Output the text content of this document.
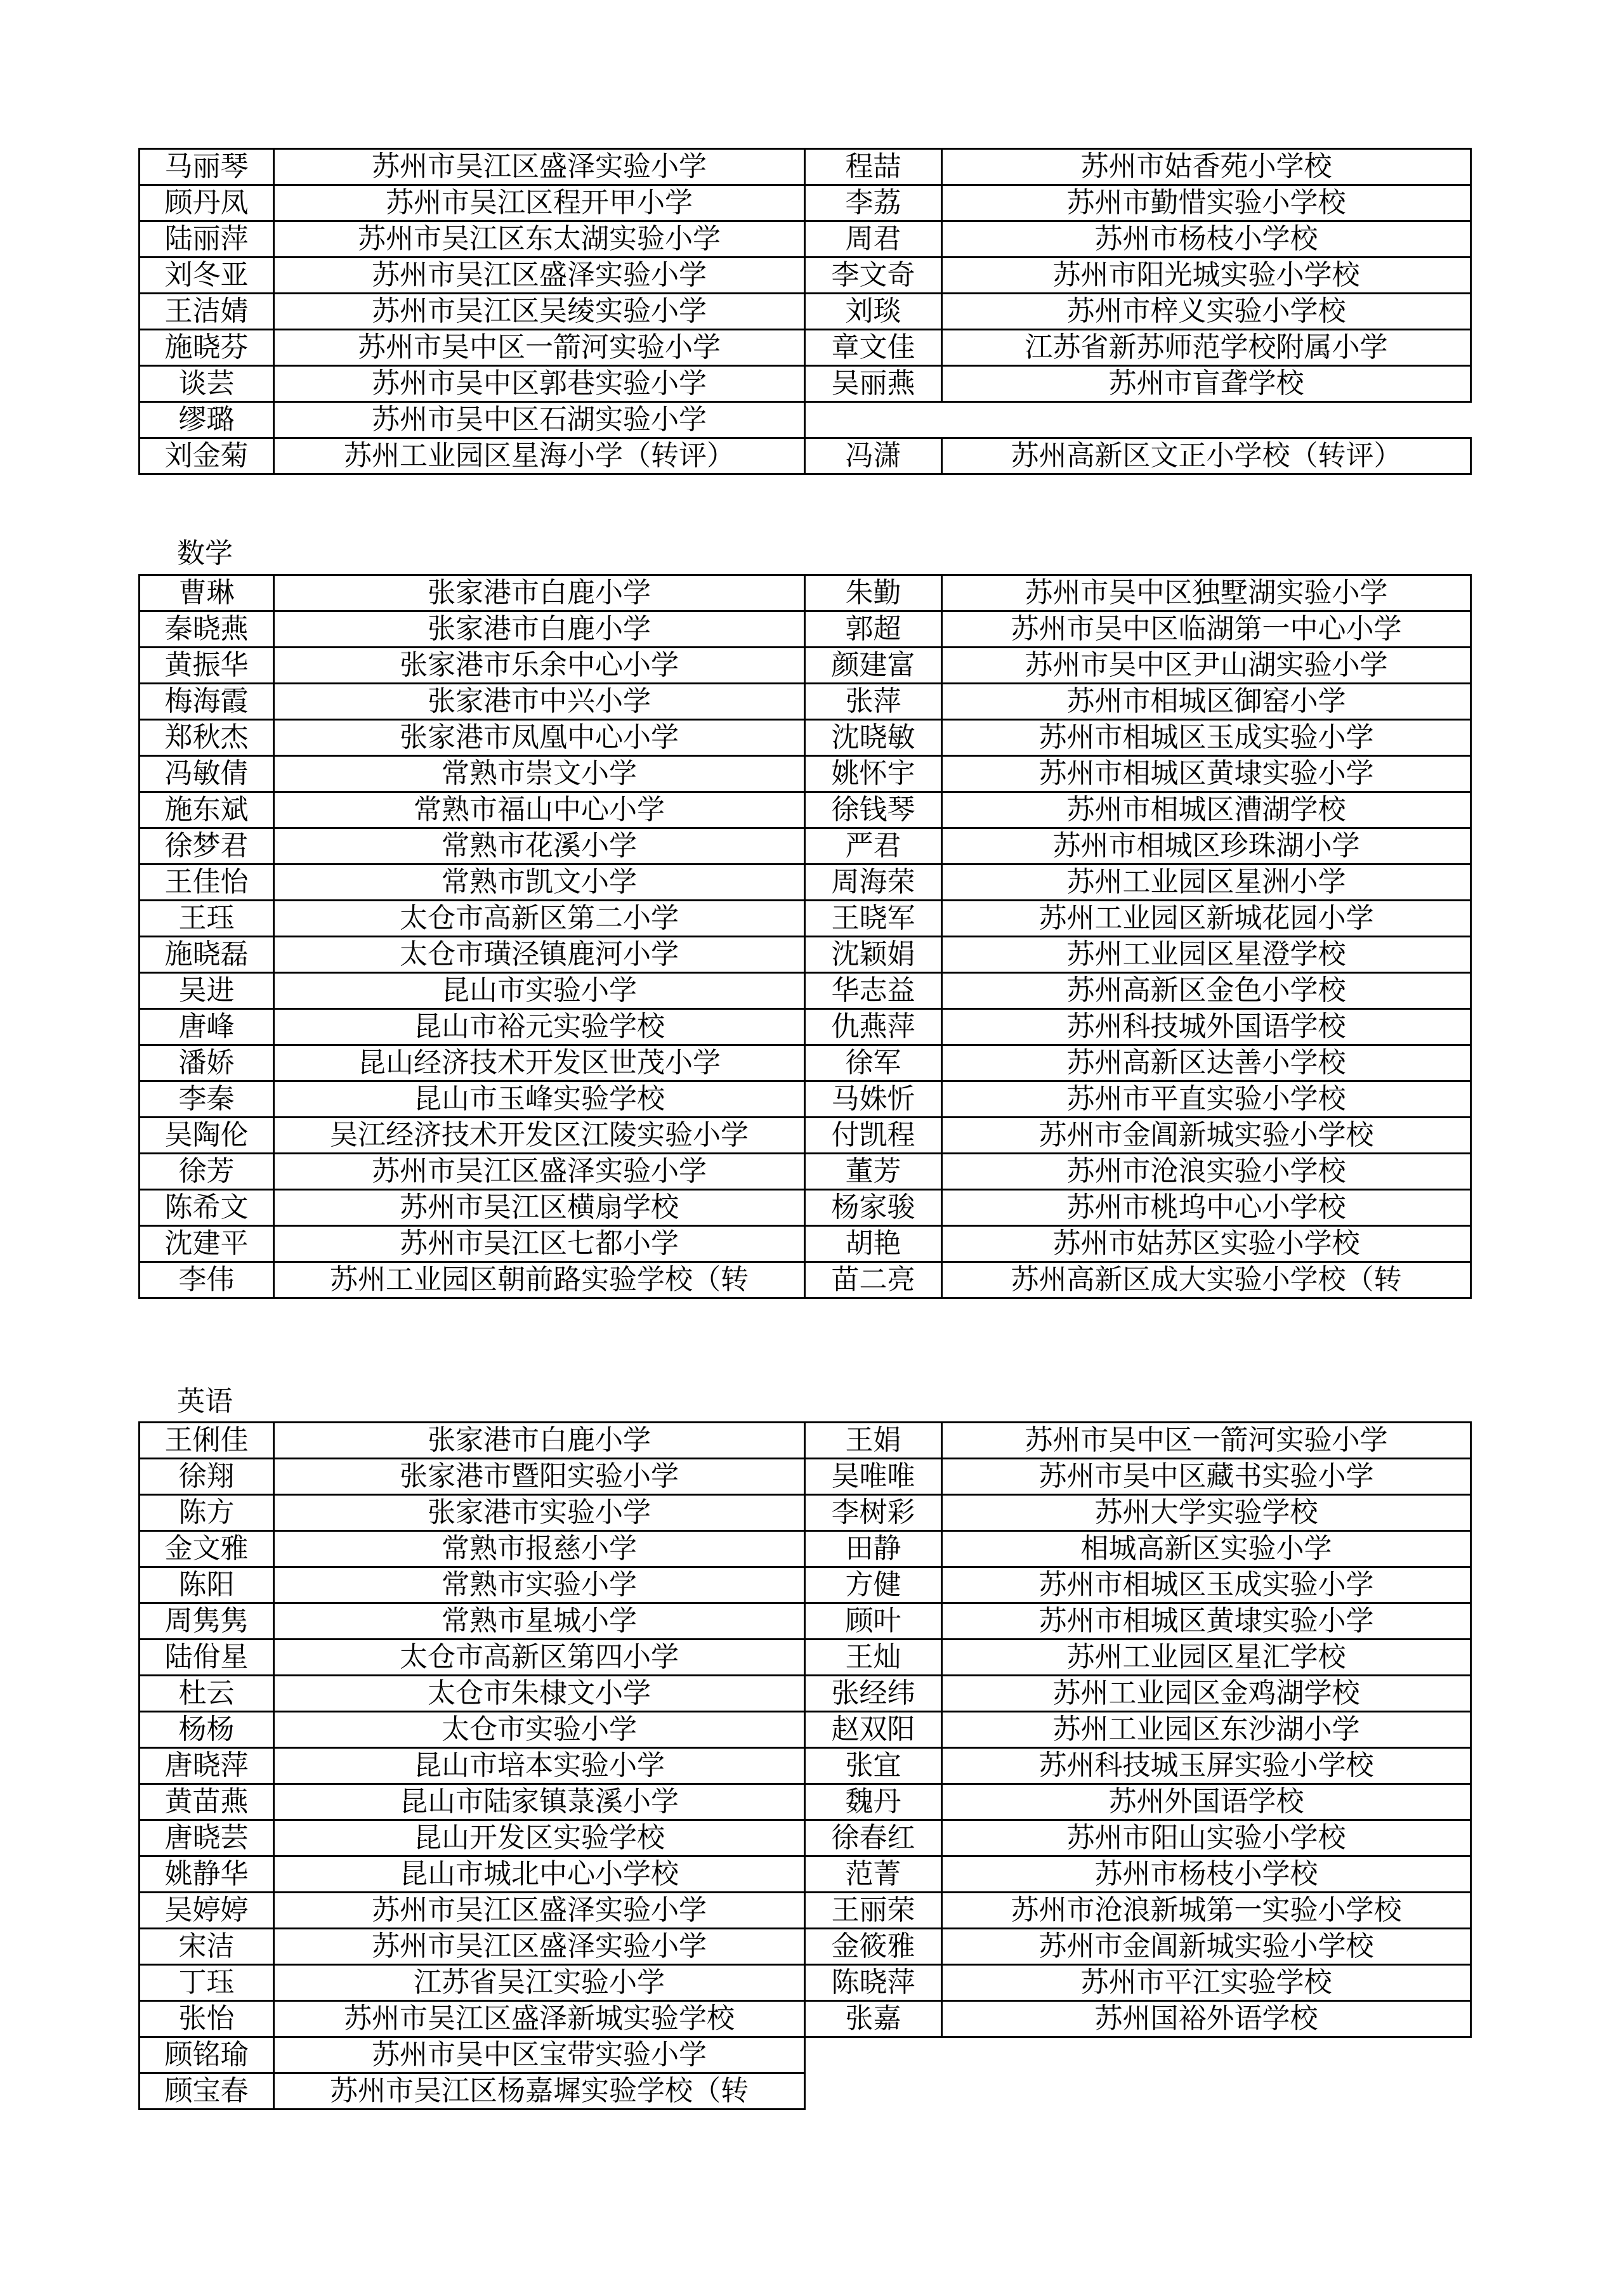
马丽琴	苏州市吴江区盛泽实验小学	程喆	苏州市姑香苑小学校
顾丹凤	苏州市吴江区程开甲小学	李荔	苏州市勤惜实验小学校
陆丽萍	苏州市吴江区东太湖实验小学	周君	苏州市杨枝小学校
刘冬亚	苏州市吴江区盛泽实验小学	李文奇	苏州市阳光城实验小学校
王洁婧	苏州市吴江区吴绫实验小学	刘琰	苏州市梓义实验小学校
施晓芬	苏州市吴中区一箭河实验小学	章文佳	江苏省新苏师范学校附属小学
谈芸	苏州市吴中区郭巷实验小学	吴丽燕	苏州市盲聋学校
缪璐	苏州市吴中区石湖实验小学		
刘金菊	苏州工业园区星海小学（转评）	冯潇	苏州高新区文正小学校（转评）
数学
曹琳	张家港市白鹿小学	朱勤	苏州市吴中区独墅湖实验小学
秦晓燕	张家港市白鹿小学	郭超	苏州市吴中区临湖第一中心小学
黄振华	张家港市乐余中心小学	颜建富	苏州市吴中区尹山湖实验小学
梅海霞	张家港市中兴小学	张萍	苏州市相城区御窑小学
郑秋杰	张家港市凤凰中心小学	沈晓敏	苏州市相城区玉成实验小学
冯敏倩	常熟市崇文小学	姚怀宇	苏州市相城区黄埭实验小学
施东斌	常熟市福山中心小学	徐钱琴	苏州市相城区漕湖学校
徐梦君	常熟市花溪小学	严君	苏州市相城区珍珠湖小学
王佳怡	常熟市凯文小学	周海荣	苏州工业园区星洲小学
王珏	太仓市高新区第二小学	王晓军	苏州工业园区新城花园小学
施晓磊	太仓市璜泾镇鹿河小学	沈颖娟	苏州工业园区星澄学校
吴进	昆山市实验小学	华志益	苏州高新区金色小学校
唐峰	昆山市裕元实验学校	仇燕萍	苏州科技城外国语学校
潘娇	昆山经济技术开发区世茂小学	徐军	苏州高新区达善小学校
李秦	昆山市玉峰实验学校	马姝忻	苏州市平直实验小学校
吴陶伦	吴江经济技术开发区江陵实验小学	付凯程	苏州市金阊新城实验小学校
徐芳	苏州市吴江区盛泽实验小学	董芳	苏州市沧浪实验小学校
陈希文	苏州市吴江区横扇学校	杨家骏	苏州市桃坞中心小学校
沈建平	苏州市吴江区七都小学	胡艳	苏州市姑苏区实验小学校
李伟	苏州工业园区朝前路实验学校（转	苗二亮	苏州高新区成大实验小学校（转
英语
王俐佳	张家港市白鹿小学	王娟	苏州市吴中区一箭河实验小学
徐翔	张家港市暨阳实验小学	吴唯唯	苏州市吴中区藏书实验小学
陈方	张家港市实验小学	李树彩	苏州大学实验学校
金文雅	常熟市报慈小学	田静	相城高新区实验小学
陈阳	常熟市实验小学	方健	苏州市相城区玉成实验小学
周隽隽	常熟市星城小学	顾叶	苏州市相城区黄埭实验小学
陆佾星	太仓市高新区第四小学	王灿	苏州工业园区星汇学校
杜云	太仓市朱棣文小学	张经纬	苏州工业园区金鸡湖学校
杨杨	太仓市实验小学	赵双阳	苏州工业园区东沙湖小学
唐晓萍	昆山市培本实验小学	张宜	苏州科技城玉屏实验小学校
黄苗燕	昆山市陆家镇菉溪小学	魏丹	苏州外国语学校
唐晓芸	昆山开发区实验学校	徐春红	苏州市阳山实验小学校
姚静华	昆山市城北中心小学校	范菁	苏州市杨枝小学校
吴婷婷	苏州市吴江区盛泽实验小学	王丽荣	苏州市沧浪新城第一实验小学校
宋洁	苏州市吴江区盛泽实验小学	金筱雅	苏州市金阊新城实验小学校
丁珏	江苏省吴江实验小学	陈晓萍	苏州市平江实验学校
张怡	苏州市吴江区盛泽新城实验学校	张嘉	苏州国裕外语学校
顾铭瑜	苏州市吴中区宝带实验小学		
顾宝春	苏州市吴江区杨嘉墀实验学校（转		
